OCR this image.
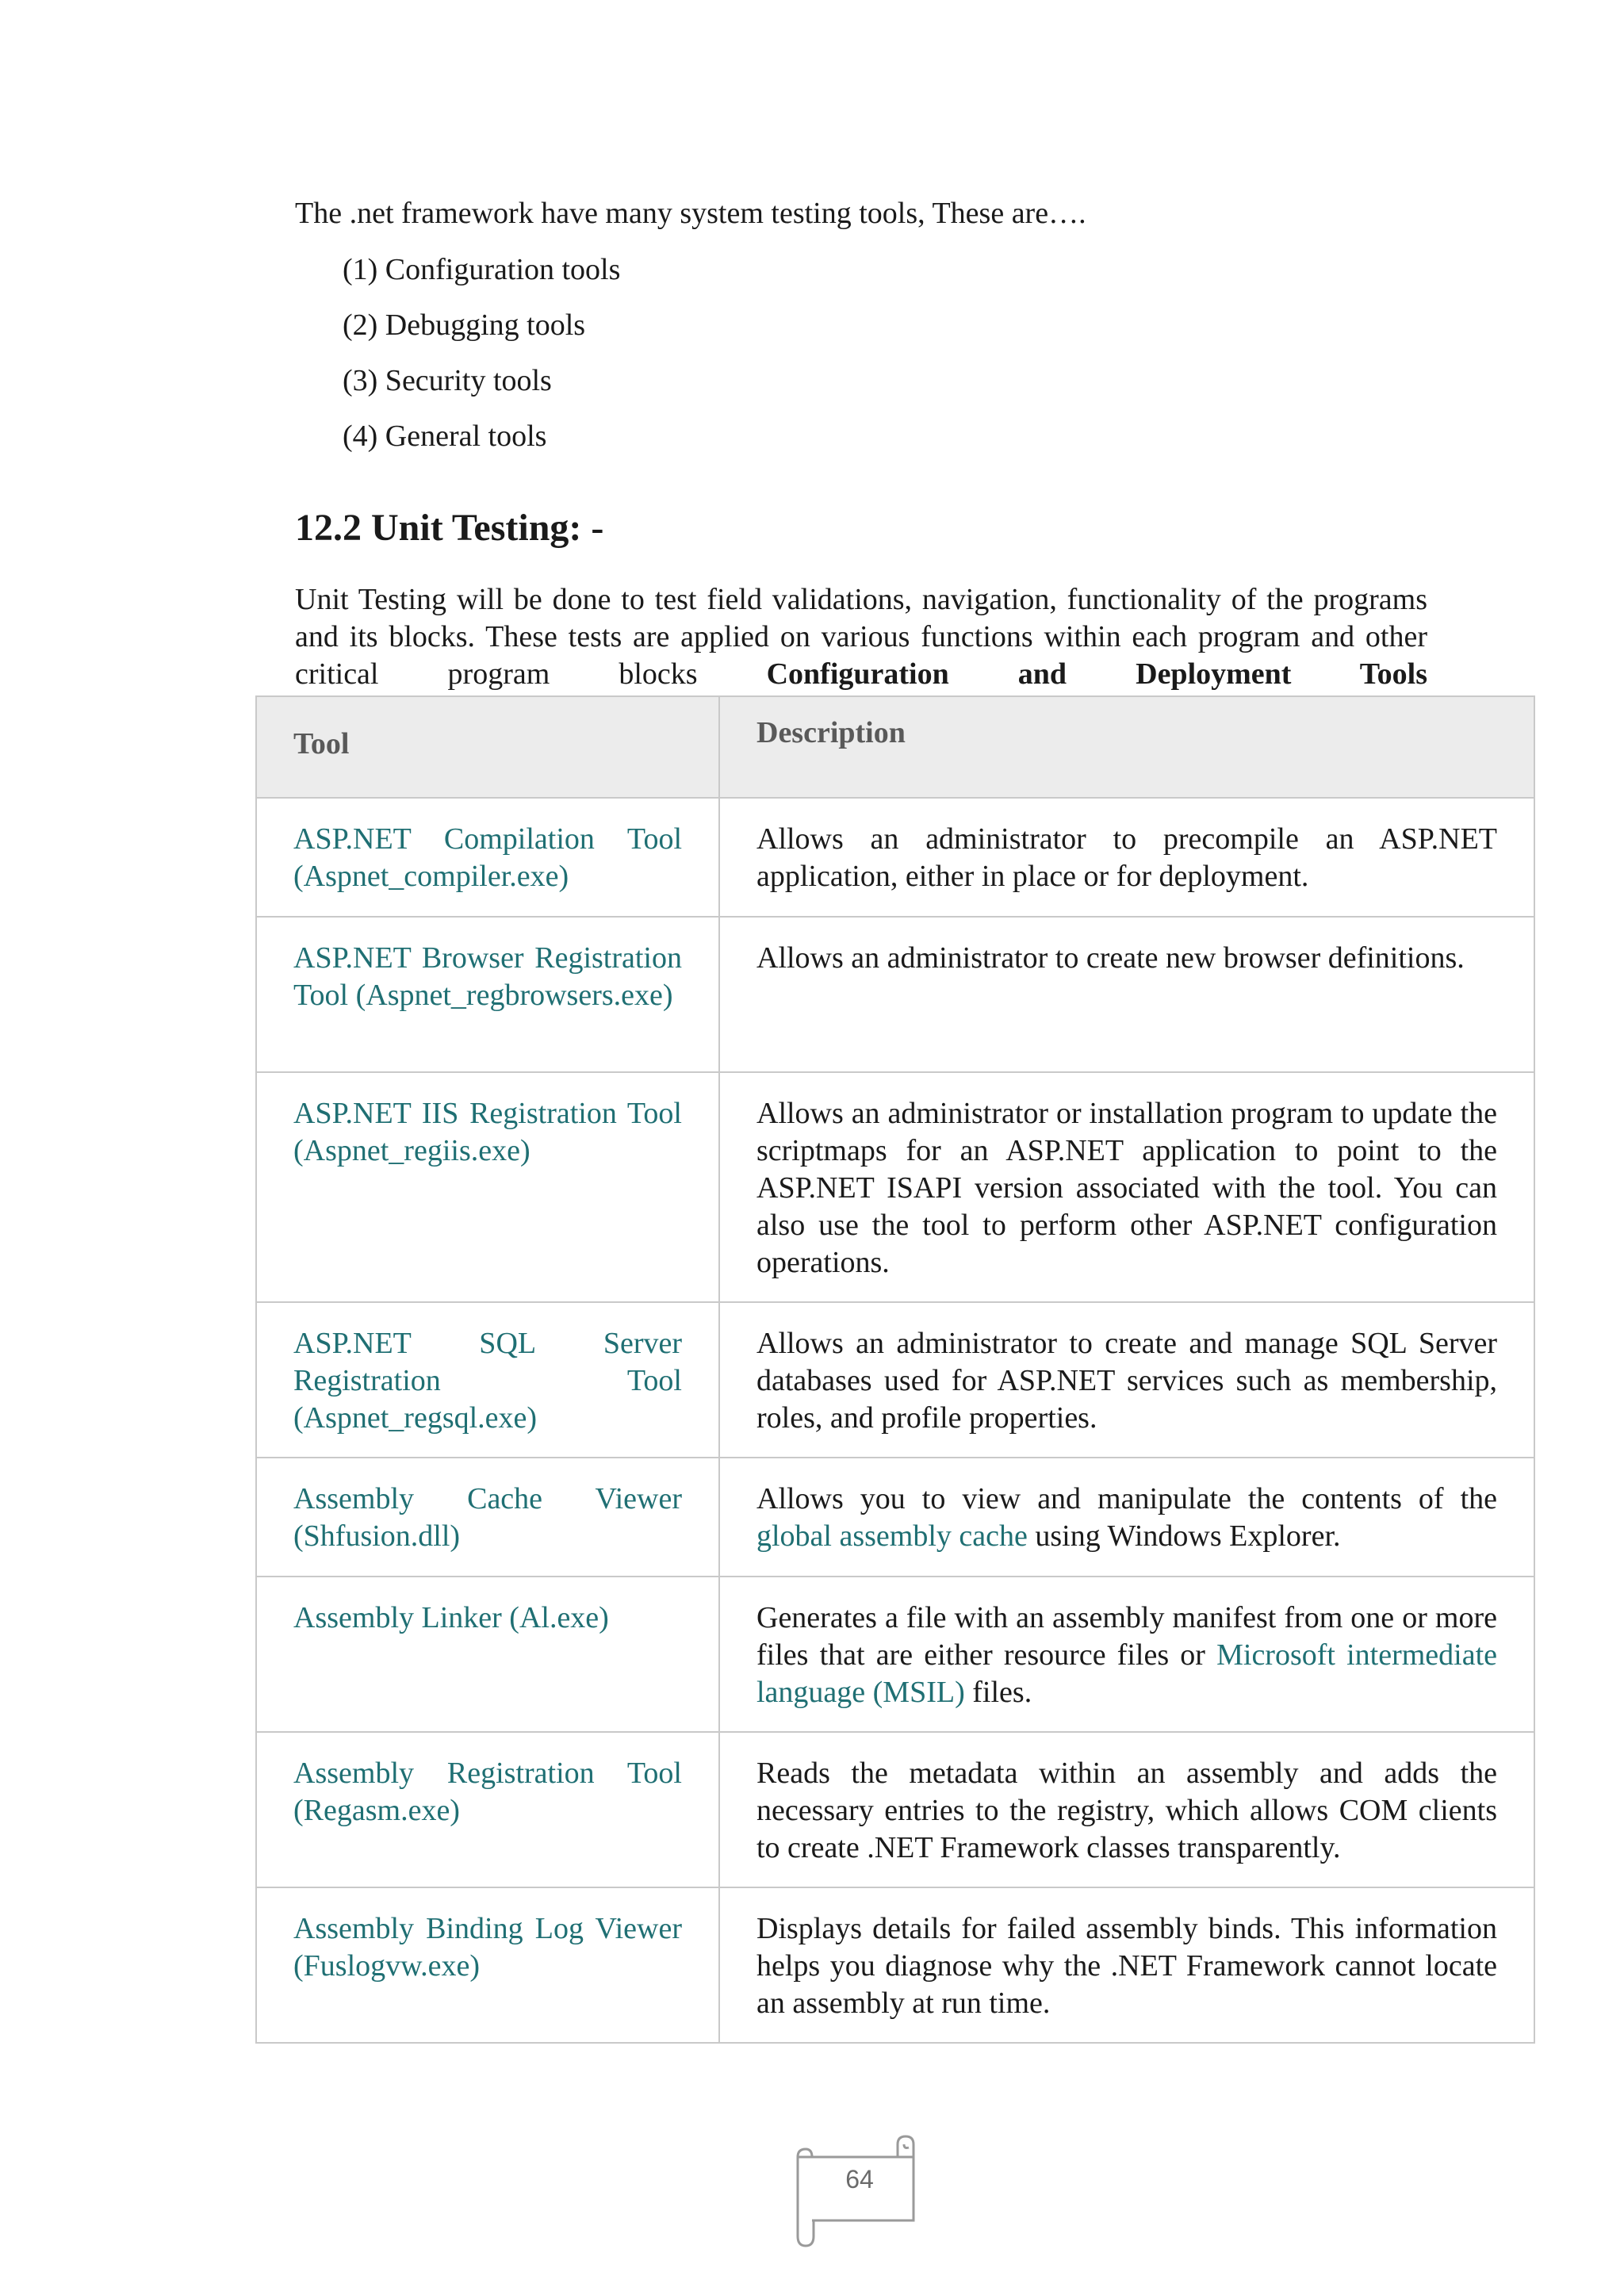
The .net framework have many system testing tools, These are….

(1) Configuration tools
(2) Debugging tools
(3) Security tools
(4) General tools
12.2 Unit Testing: -

Unit Testing will be done to test field validations, navigation, functionality of the programs and its blocks. These tests are applied on various functions within each program and other critical program blocks Configuration and Deployment Tools

Tool	Description
ASP.NET Compilation Tool (Aspnet_compiler.exe)	Allows an administrator to precompile an ASP.NET application, either in place or for deployment.
ASP.NET Browser Registration Tool (Aspnet_regbrowsers.exe)	Allows an administrator to create new browser definitions.
ASP.NET IIS Registration Tool (Aspnet_regiis.exe)	Allows an administrator or installation program to update the scriptmaps for an ASP.NET application to point to the ASP.NET ISAPI version associated with the tool. You can also use the tool to perform other ASP.NET configuration operations.
ASP.NET SQL Server Registration Tool (Aspnet_regsql.exe)	Allows an administrator to create and manage SQL Server databases used for ASP.NET services such as membership, roles, and profile properties.
Assembly Cache Viewer (Shfusion.dll)	Allows you to view and manipulate the contents of the global assembly cache using Windows Explorer.
Assembly Linker (Al.exe)	Generates a file with an assembly manifest from one or more files that are either resource files or Microsoft intermediate language (MSIL) files.
Assembly Registration Tool (Regasm.exe)	Reads the metadata within an assembly and adds the necessary entries to the registry, which allows COM clients to create .NET Framework classes transparently.
Assembly Binding Log Viewer (Fuslogvw.exe)	Displays details for failed assembly binds. This information helps you diagnose why the .NET Framework cannot locate an assembly at run time.
64
